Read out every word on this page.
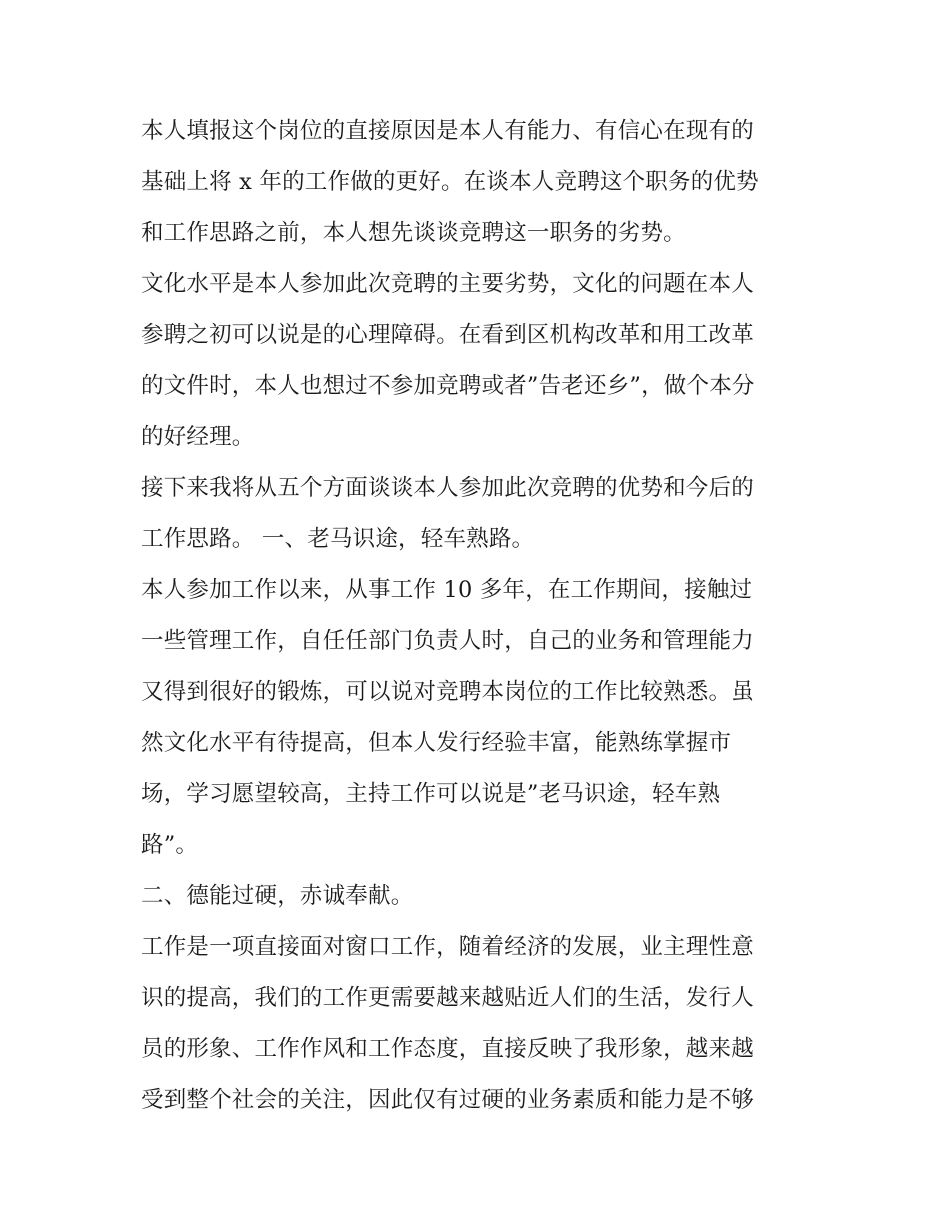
本人填报这个岗位的直接原因是本人有能力、有信心在现有的
基础上将 x 年的工作做的更好。在谈本人竞聘这个职务的优势
和工作思路之前，本人想先谈谈竞聘这一职务的劣势。

文化水平是本人参加此次竞聘的主要劣势，文化的问题在本人
参聘之初可以说是的心理障碍。在看到区机构改革和用工改革
的文件时，本人也想过不参加竞聘或者”告老还乡”，做个本分
的好经理。

接下来我将从五个方面谈谈本人参加此次竞聘的优势和今后的
工作思路。 一、老马识途，轻车熟路。

本人参加工作以来，从事工作 10 多年，在工作期间，接触过
一些管理工作，自任任部门负责人时，自己的业务和管理能力
又得到很好的锻炼，可以说对竞聘本岗位的工作比较熟悉。虽
然文化水平有待提高，但本人发行经验丰富，能熟练掌握市
场，学习愿望较高，主持工作可以说是”老马识途，轻车熟
路”。

二、德能过硬，赤诚奉献。

工作是一项直接面对窗口工作，随着经济的发展，业主理性意
识的提高，我们的工作更需要越来越贴近人们的生活，发行人
员的形象、工作作风和工作态度，直接反映了我形象，越来越
受到整个社会的关注，因此仅有过硬的业务素质和能力是不够
